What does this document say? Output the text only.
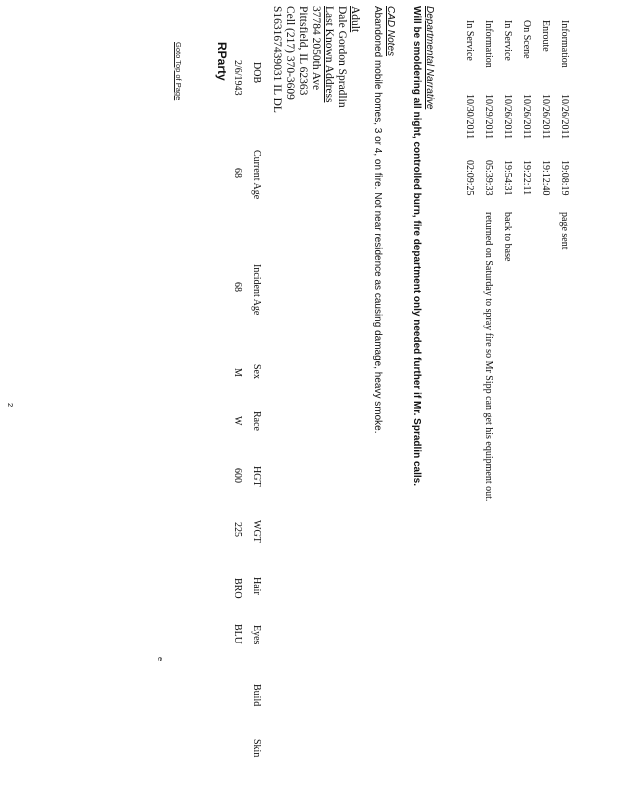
Information
10/26/2011
19:08:19
page sent
Enroute
10/26/2011
19:12:40
On Scene
10/26/2011
19:22:11
In Service
10/26/2011
19:54:31
back to base
Information
10/29/2011
05:39:33
returned on Saturday to spray fire so Mr Sipp can get his equipment out.
In Service
10/30/2011
02:09:25
Departmental Narrative
Will be smoldering all night, controlled burn, fire department only needed further if Mr. Spradlin calls.
CAD Notes
Abandoned mobile homes, 3 or 4, on fire. Not near residence as causing damage, heavy smoke.
Adult
Dale Gordon Spradlin
Last Known Address
37784 2050th Ave
Pittsfield, IL 62363
Cell (217) 370-3609
S163167439031 IL DL
DOB
Current Age
Incident Age
Sex
Race
HGT
WGT
Hair
Eyes
Build
Skin
2/6/1943
68
68
M
W
600
225
BRO
BLU
RParty
Goto Top of Page
2
e
